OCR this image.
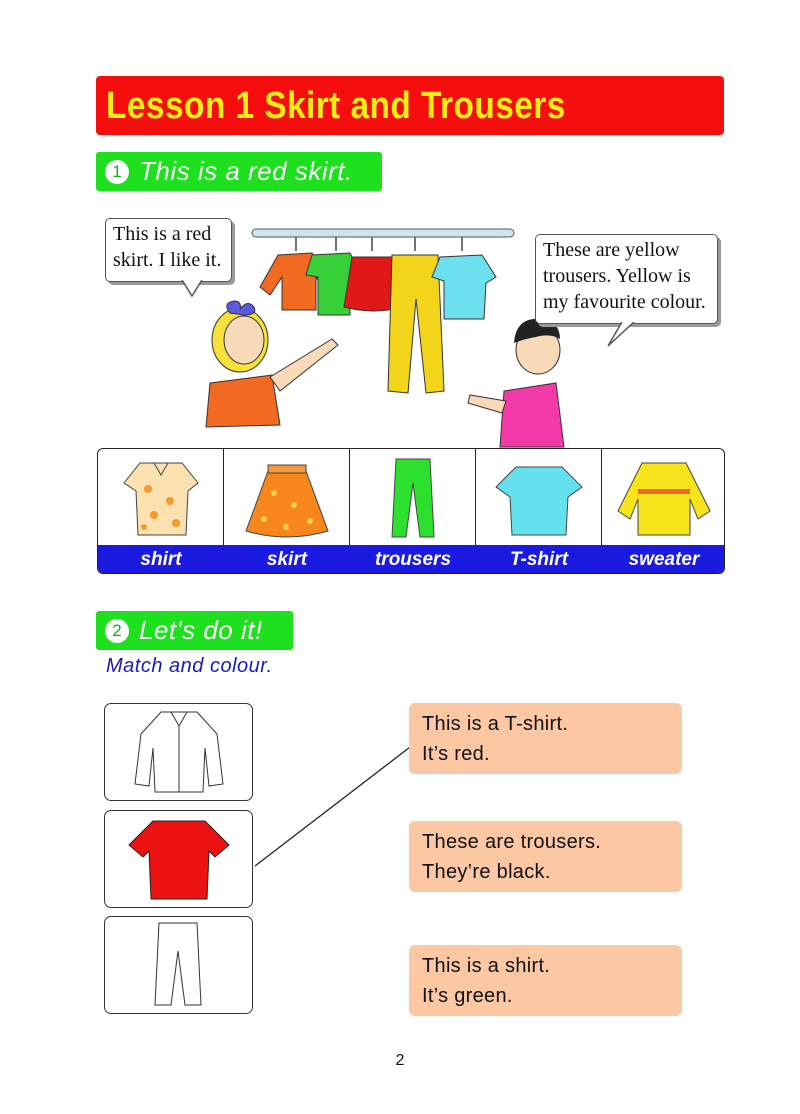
Lesson 1 Skirt and Trousers
1 This is a red skirt.
This is a red
skirt. I like it.	These are yellow
trousers. Yellow is
my favourite colour.
shirt	skirt	trousers	T-shirt	sweater
2 Let's do it!
Match and colour.
This is a T-shirt.
It’s red.
These are trousers.
They’re black.
This is a shirt.
It’s green.
2
